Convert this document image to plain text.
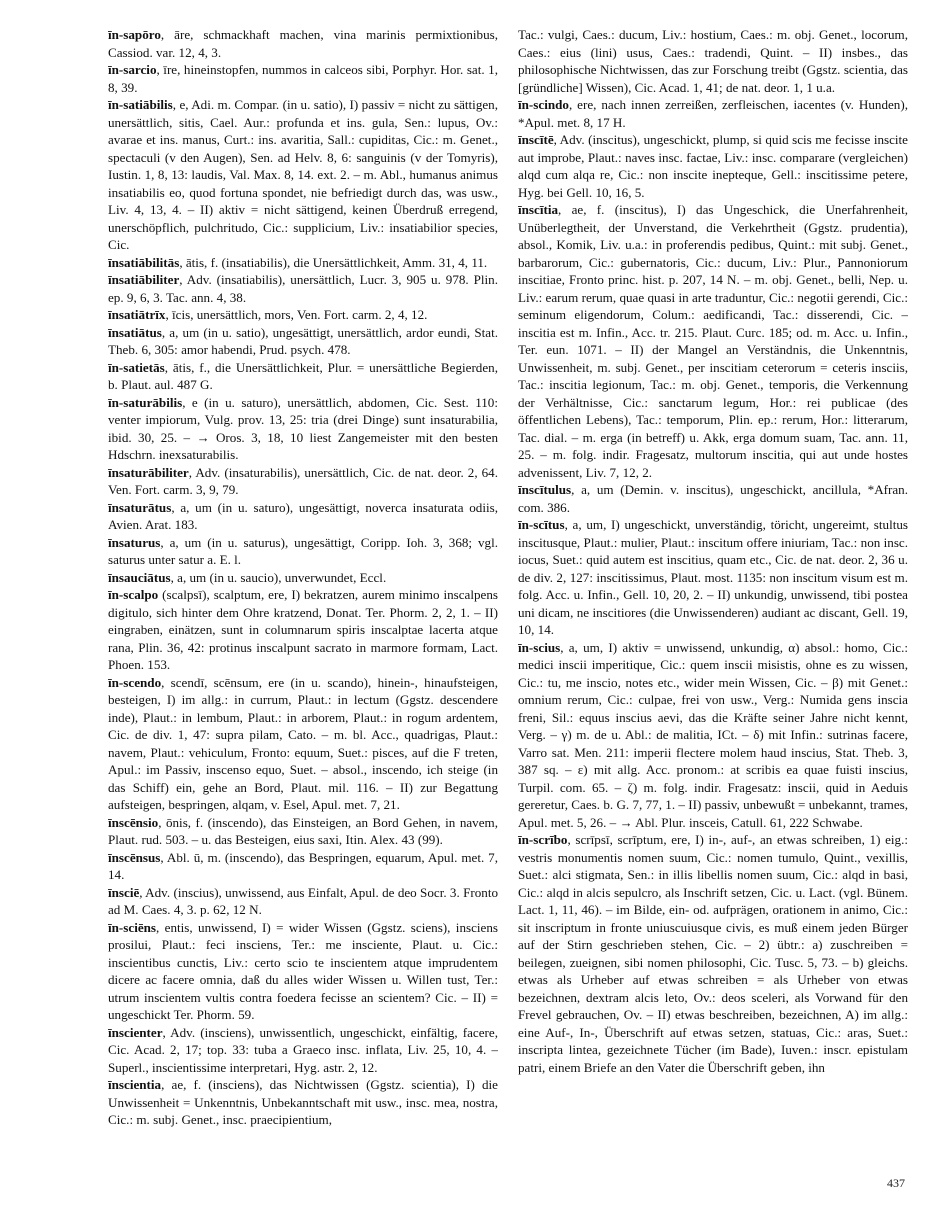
īn-sapōro, āre, schmackhaft machen, vina marinis permixtionibus, Cassiod. var. 12, 4, 3.

īn-sarcio, īre, hineinstopfen, nummos in calceos sibi, Porphyr. Hor. sat. 1, 8, 39.

īn-satiābilis, e, Adi. m. Compar. (in u. satio), I) passiv = nicht zu sättigen, unersättlich, sitis, Cael. Aur.: profunda et ins. gula, Sen.: lupus, Ov.: avarae et ins. manus, Curt.: ins. avaritia, Sall.: cupiditas, Cic.: m. Genet., spectaculi (v den Augen), Sen. ad Helv. 8, 6: sanguinis (v der Tomyris), Iustin. 1, 8, 13: laudis, Val. Max. 8, 14. ext. 2. – m. Abl., humanus animus insatiabilis eo, quod fortuna spondet, nie befriedigt durch das, was usw., Liv. 4, 13, 4. – II) aktiv = nicht sättigend, keinen Überdruß erregend, unerschöpflich, pulchritudo, Cic.: supplicium, Liv.: insatiabilior species, Cic.

īnsatiābilitās, ātis, f. (insatiabilis), die Unersättlichkeit, Amm. 31, 4, 11.

īnsatiābiliter, Adv. (insatiabilis), unersättlich, Lucr. 3, 905 u. 978. Plin. ep. 9, 6, 3. Tac. ann. 4, 38.

īnsatiātrīx, īcis, unersättlich, mors, Ven. Fort. carm. 2, 4, 12.

īnsatiātus, a, um (in u. satio), ungesättigt, unersättlich, ardor eundi, Stat. Theb. 6, 305: amor habendi, Prud. psych. 478.

īn-satietās, ātis, f., die Unersättlichkeit, Plur. = unersättliche Begierden, b. Plaut. aul. 487 G.

īn-saturābilis, e (in u. saturo), unersättlich, abdomen, Cic. Sest. 110: venter impiorum, Vulg. prov. 13, 25: tria (drei Dinge) sunt insaturabilia, ibid. 30, 25. – → Oros. 3, 18, 10 liest Zangemeister mit den besten Hdschrn. inexsaturabilis.

īnsaturābiliter, Adv. (insaturabilis), unersättlich, Cic. de nat. deor. 2, 64. Ven. Fort. carm. 3, 9, 79.

īnsaturātus, a, um (in u. saturo), ungesättigt, noverca insaturata odiis, Avien. Arat. 183.

īnsaturus, a, um (in u. saturus), ungesättigt, Coripp. Ioh. 3, 368; vgl. saturus unter satur a. E. l.

īnsauciātus, a, um (in u. saucio), unverwundet, Eccl.

īn-scalpo (scalpsī), scalptum, ere, I) bekratzen, aurem minimo inscalpens digitulo, sich hinter dem Ohre kratzend, Donat. Ter. Phorm. 2, 2, 1. – II) eingraben, einätzen, sunt in columnarum spiris inscalptae lacerta atque rana, Plin. 36, 42: protinus inscalpunt sacrato in marmore formam, Lact. Phoen. 153.

īn-scendo, scendī, scēnsum, ere (in u. scando), hinein-, hinaufsteigen, besteigen, I) im allg.: in currum, Plaut.: in lectum (Ggstz. descendere inde), Plaut.: in lembum, Plaut.: in arborem, Plaut.: in rogum ardentem, Cic. de div. 1, 47: supra pilam, Cato. – m. bl. Acc., quadrigas, Plaut.: navem, Plaut.: vehiculum, Fronto: equum, Suet.: pisces, auf die F treten, Apul.: im Passiv, inscenso equo, Suet. – absol., inscendo, ich steige (in das Schiff) ein, gehe an Bord, Plaut. mil. 116. – II) zur Begattung aufsteigen, bespringen, alqam, v. Esel, Apul. met. 7, 21.

īnscēnsio, ōnis, f. (inscendo), das Einsteigen, an Bord Gehen, in navem, Plaut. rud. 503. – u. das Besteigen, eius saxi, Itin. Alex. 43 (99).

īnscēnsus, Abl. ū, m. (inscendo), das Bespringen, equarum, Apul. met. 7, 14.

īnsciē, Adv. (inscius), unwissend, aus Einfalt, Apul. de deo Socr. 3. Fronto ad M. Caes. 4, 3. p. 62, 12 N.

īn-sciēns, entis, unwissend, I) = wider Wissen (Ggstz. sciens), insciens prosilui, Plaut.: feci insciens, Ter.: me insciente, Plaut. u. Cic.: inscientibus cunctis, Liv.: certo scio te inscientem atque imprudentem dicere ac facere omnia, daß du alles wider Wissen u. Willen tust, Ter.: utrum inscientem vultis contra foedera fecisse an scientem? Cic. – II) = ungeschickt Ter. Phorm. 59.

īnscienter, Adv. (insciens), unwissentlich, ungeschickt, einfältig, facere, Cic. Acad. 2, 17; top. 33: tuba a Graeco insc. inflata, Liv. 25, 10, 4. – Superl., inscientissime interpretari, Hyg. astr. 2, 12.

īnscientia, ae, f. (insciens), das Nichtwissen (Ggstz. scientia), I) die Unwissenheit = Unkenntnis, Unbekanntschaft mit usw., insc. mea, nostra, Cic.: m. subj. Genet., insc. praecipientium,

Tac.: vulgi, Caes.: ducum, Liv.: hostium, Caes.: m. obj. Genet., locorum, Caes.: eius (lini) usus, Caes.: tradendi, Quint. – II) insbes., das philosophische Nichtwissen, das zur Forschung treibt (Ggstz. scientia, das [gründliche] Wissen), Cic. Acad. 1, 41; de nat. deor. 1, 1 u.a.

īn-scindo, ere, nach innen zerreißen, zerfleischen, iacentes (v. Hunden), *Apul. met. 8, 17 H.

īnscītē, Adv. (inscitus), ungeschickt, plump, si quid scis me fecisse inscite aut improbe, Plaut.: naves insc. factae, Liv.: insc. comparare (vergleichen) alqd cum alqa re, Cic.: non inscite inepteque, Gell.: inscitissime petere, Hyg. bei Gell. 10, 16, 5.

īnscītia, ae, f. (inscitus), I) das Ungeschick, die Unerfahrenheit, Unüberlegtheit, der Unverstand, die Verkehrtheit (Ggstz. prudentia), absol., Komik, Liv. u.a.: in proferendis pedibus, Quint.: mit subj. Genet., barbarorum, Cic.: gubernatoris, Cic.: ducum, Liv.: Plur., Pannoniorum inscitiae, Fronto princ. hist. p. 207, 14 N. – m. obj. Genet., belli, Nep. u. Liv.: earum rerum, quae quasi in arte traduntur, Cic.: negotii gerendi, Cic.: seminum eligendorum, Colum.: aedificandi, Tac.: disserendi, Cic. – inscitia est m. Infin., Acc. tr. 215. Plaut. Curc. 185; od. m. Acc. u. Infin., Ter. eun. 1071. – II) der Mangel an Verständnis, die Unkenntnis, Unwissenheit, m. subj. Genet., per inscitiam ceterorum = ceteris insciis, Tac.: inscitia legionum, Tac.: m. obj. Genet., temporis, die Verkennung der Verhältnisse, Cic.: sanctarum legum, Hor.: rei publicae (des öffentlichen Lebens), Tac.: temporum, Plin. ep.: rerum, Hor.: litterarum, Tac. dial. – m. erga (in betreff) u. Akk, erga domum suam, Tac. ann. 11, 25. – m. folg. indir. Fragesatz, multorum inscitia, qui aut unde hostes advenissent, Liv. 7, 12, 2.

īnscītulus, a, um (Demin. v. inscitus), ungeschickt, ancillula, *Afran. com. 386.

īn-scītus, a, um, I) ungeschickt, unverständig, töricht, ungereimt, stultus inscitusque, Plaut.: mulier, Plaut.: inscitum offere iniuriam, Tac.: non insc. iocus, Suet.: quid autem est inscitius, quam etc., Cic. de nat. deor. 2, 36 u. de div. 2, 127: inscitissimus, Plaut. most. 1135: non inscitum visum est m. folg. Acc. u. Infin., Gell. 10, 20, 2. – II) unkundig, unwissend, tibi postea uni dicam, ne inscitiores (die Unwissenderen) audiant ac discant, Gell. 19, 10, 14.

īn-scius, a, um, I) aktiv = unwissend, unkundig, α) absol.: homo, Cic.: medici inscii imperitique, Cic.: quem inscii misistis, ohne es zu wissen, Cic.: tu, me inscio, notes etc., wider mein Wissen, Cic. – β) mit Genet.: omnium rerum, Cic.: culpae, frei von usw., Verg.: Numida gens inscia freni, Sil.: equus inscius aevi, das die Kräfte seiner Jahre nicht kennt, Verg. – γ) m. de u. Abl.: de malitia, ICt. – δ) mit Infin.: sutrinas facere, Varro sat. Men. 211: imperii flectere molem haud inscius, Stat. Theb. 3, 387 sq. – ε) mit allg. Acc. pronom.: at scribis ea quae fuisti inscius, Turpil. com. 65. – ζ) m. folg. indir. Fragesatz: inscii, quid in Aeduis gereretur, Caes. b. G. 7, 77, 1. – II) passiv, unbewußt = unbekannt, trames, Apul. met. 5, 26. – → Abl. Plur. insceis, Catull. 61, 222 Schwabe.

īn-scrībo, scrīpsī, scrīptum, ere, I) in-, auf-, an etwas schreiben, 1) eig.: vestris monumentis nomen suum, Cic.: nomen tumulo, Quint., vexillis, Suet.: alci stigmata, Sen.: in illis libellis nomen suum, Cic.: alqd in basi, Cic.: alqd in alcis sepulcro, als Inschrift setzen, Cic. u. Lact. (vgl. Bünem. Lact. 1, 11, 46). – im Bilde, ein- od. aufprägen, orationem in animo, Cic.: sit inscriptum in fronte uniuscuiusque civis, es muß einem jeden Bürger auf der Stirn geschrieben stehen, Cic. – 2) übtr.: a) zuschreiben = beilegen, zueignen, sibi nomen philosophi, Cic. Tusc. 5, 73. – b) gleichs. etwas als Urheber auf etwas schreiben = als Urheber von etwas bezeichnen, dextram alcis leto, Ov.: deos sceleri, als Vorwand für den Frevel gebrauchen, Ov. – II) etwas beschreiben, bezeichnen, A) im allg.: eine Auf-, In-, Überschrift auf etwas setzen, statuas, Cic.: aras, Suet.: inscripta lintea, gezeichnete Tücher (im Bade), Iuven.: inscr. epistulam patri, einem Briefe an den Vater die Überschrift geben, ihn

437
